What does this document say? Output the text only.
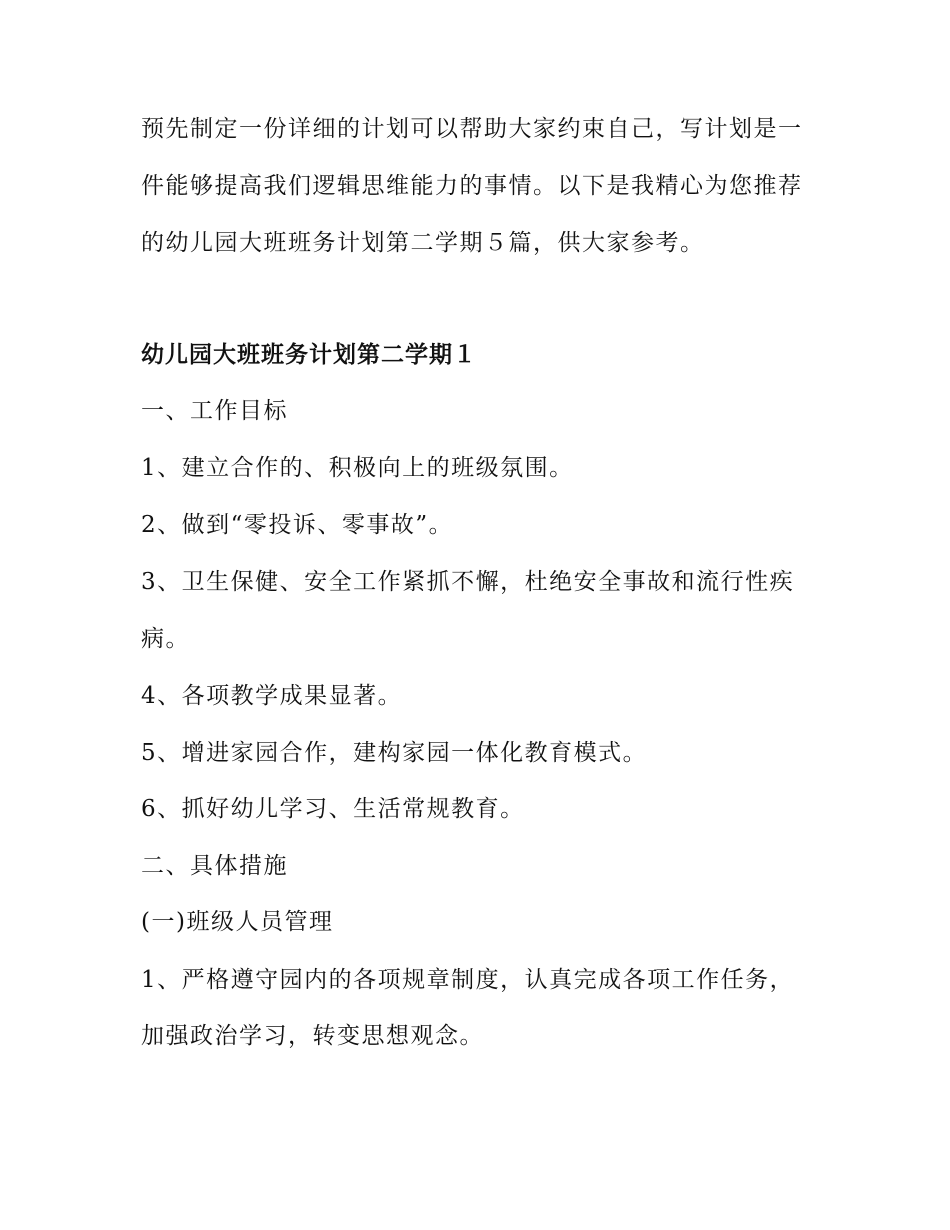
预先制定一份详细的计划可以帮助大家约束自己，写计划是一
件能够提高我们逻辑思维能力的事情。以下是我精心为您推荐
的幼儿园大班班务计划第二学期５篇，供大家参考。
幼儿园大班班务计划第二学期１
一、工作目标
1、建立合作的、积极向上的班级氛围。
2、做到“零投诉、零事故”。
3、卫生保健、安全工作紧抓不懈，杜绝安全事故和流行性疾
病。
4、各项教学成果显著。
5、增进家园合作，建构家园一体化教育模式。
6、抓好幼儿学习、生活常规教育。
二、具体措施
(一)班级人员管理
1、严格遵守园内的各项规章制度，认真完成各项工作任务，
加强政治学习，转变思想观念。
